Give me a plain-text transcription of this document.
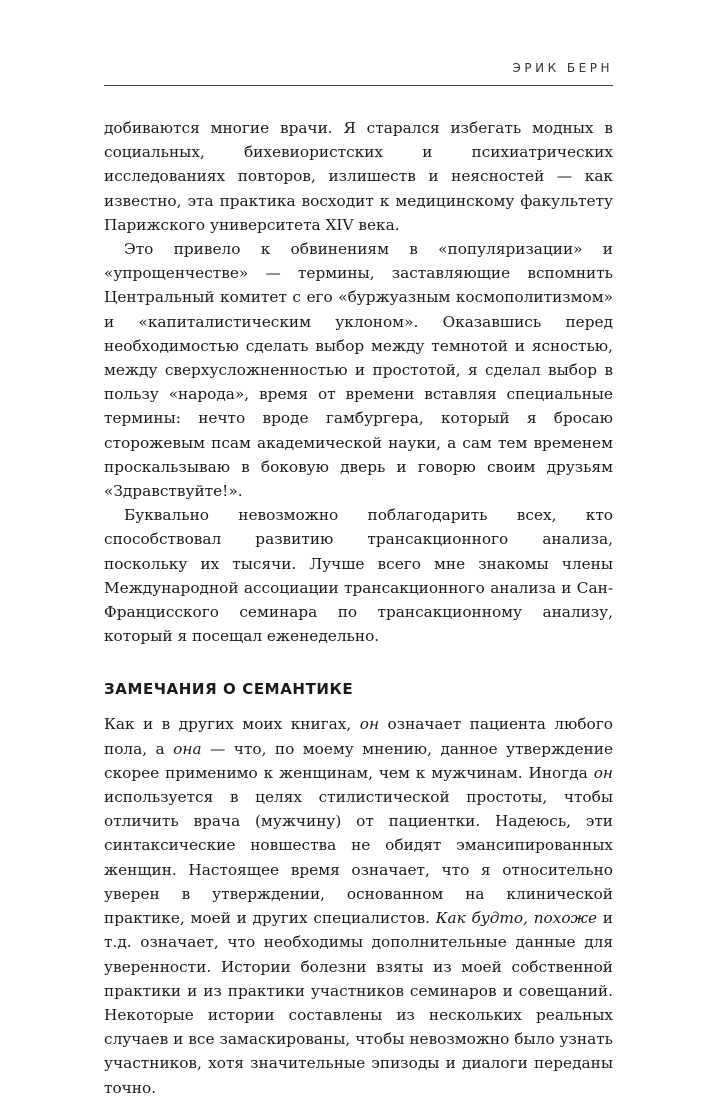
ЭРИК БЕРН

добиваются многие врачи. Я старался избегать модных в социальных, бихевиористских и психиатрических исследованиях повторов, излишеств и неясностей — как известно, эта практика восходит к медицинскому факультету Парижского университета XIV века.

Это привело к обвинениям в «популяризации» и «упрощенчестве» — термины, заставляющие вспомнить Центральный комитет с его «буржуазным космополитизмом» и «капиталистическим уклоном». Оказавшись перед необходимостью сделать выбор между темнотой и ясностью, между сверхусложненностью и простотой, я сделал выбор в пользу «народа», время от времени вставляя специальные термины: нечто вроде гамбургера, который я бросаю сторожевым псам академической науки, а сам тем временем проскальзываю в боковую дверь и говорю своим друзьям «Здравствуйте!».

Буквально невозможно поблагодарить всех, кто способствовал развитию трансакционного анализа, поскольку их тысячи. Лучше всего мне знакомы члены Международной ассоциации трансакционного анализа и Сан-Францисского семинара по трансакционному анализу, который я посещал еженедельно.

ЗАМЕЧАНИЯ О СЕМАНТИКЕ

Как и в других моих книгах, он означает пациента любого пола, а она — что, по моему мнению, данное утверждение скорее применимо к женщинам, чем к мужчинам. Иногда он используется в целях стилистической простоты, чтобы отличить врача (мужчину) от пациентки. Надеюсь, эти синтаксические новшества не обидят эмансипированных женщин. Настоящее время означает, что я относительно уверен в утверждении, основанном на клинической практике, моей и других специалистов. Как будто, похоже и т.д. означает, что необходимы дополнительные данные для уверенности. Истории болезни взяты из моей собственной практики и из практики участников семинаров и совещаний. Некоторые истории составлены из нескольких реальных случаев и все замаскированы, чтобы невозможно было узнать участников, хотя значительные эпизоды и диалоги переданы точно.
